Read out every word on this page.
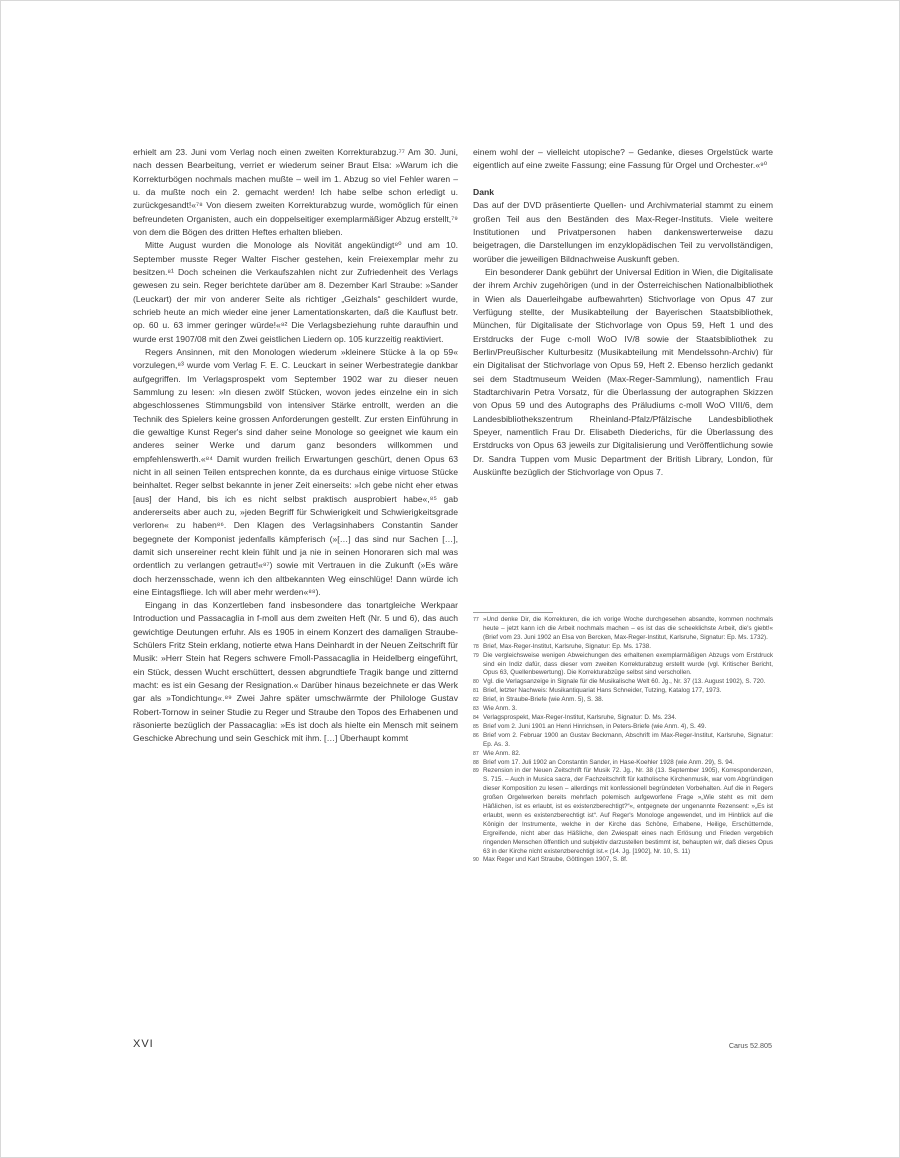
erhielt am 23. Juni vom Verlag noch einen zweiten Korrekturabzug.⁷⁷ Am 30. Juni, nach dessen Bearbeitung, verriet er wiederum seiner Braut Elsa: »Warum ich die Korrekturbögen nochmals machen mußte – weil im 1. Abzug so viel Fehler waren – u. da mußte noch ein 2. gemacht werden! Ich habe selbe schon erledigt u. zurückgesandt!«⁷⁸ Von diesem zweiten Korrekturabzug wurde, womöglich für einen befreundeten Organisten, auch ein doppelseitiger exemplarmäßiger Abzug erstellt,⁷⁹ von dem die Bögen des dritten Heftes erhalten blieben.

Mitte August wurden die Monologe als Novität angekündigt⁸⁰ und am 10. September musste Reger Walter Fischer gestehen, kein Freiexemplar mehr zu besitzen.⁸¹ Doch scheinen die Verkaufszahlen nicht zur Zufriedenheit des Verlags gewesen zu sein. Reger berichtete darüber am 8. Dezember Karl Straube: »Sander (Leuckart) der mir von anderer Seite als richtiger „Geizhals“ geschildert wurde, schrieb heute an mich wieder eine jener Lamentationskarten, daß die Kauflust betr. op. 60 u. 63 immer geringer würde!«⁸² Die Verlagsbeziehung ruhte daraufhin und wurde erst 1907/08 mit den Zwei geistlichen Liedern op. 105 kurzzeitig reaktiviert.

Regers Ansinnen, mit den Monologen wiederum »kleinere Stücke à la op 59« vorzulegen,⁸³ wurde vom Verlag F. E. C. Leuckart in seiner Werbestrategie dankbar aufgegriffen. Im Verlagsprospekt vom September 1902 war zu dieser neuen Sammlung zu lesen: »In diesen zwölf Stücken, wovon jedes einzelne ein in sich abgeschlossenes Stimmungsbild von intensiver Stärke entrollt, werden an die Technik des Spielers keine grossen Anforderungen gestellt. Zur ersten Einführung in die gewaltige Kunst Reger's sind daher seine Monologe so geeignet wie kaum ein anderes seiner Werke und darum ganz besonders willkommen und empfehlenswerth.«⁸⁴ Damit wurden freilich Erwartungen geschürt, denen Opus 63 nicht in all seinen Teilen entsprechen konnte, da es durchaus einige virtuose Stücke beinhaltet. Reger selbst bekannte in jener Zeit einerseits: »Ich gebe nicht eher etwas [aus] der Hand, bis ich es nicht selbst praktisch ausprobiert habe«,⁸⁵ gab andererseits aber auch zu, »jeden Begriff für Schwierigkeit und Schwierigkeitsgrade verloren« zu haben⁸⁶. Den Klagen des Verlagsinhabers Constantin Sander begegnete der Komponist jedenfalls kämpferisch (»[…] das sind nur Sachen […], damit sich unsereiner recht klein fühlt und ja nie in seinen Honoraren sich mal was ordentlich zu verlangen getraut!«⁸⁷) sowie mit Vertrauen in die Zukunft (»Es wäre doch herzensschade, wenn ich den altbekannten Weg einschlüge! Dann würde ich eine Eintagsfliege. Ich will aber mehr werden«⁸⁸).

Eingang in das Konzertleben fand insbesondere das tonartgleiche Werkpaar Introduction und Passacaglia in f-moll aus dem zweiten Heft (Nr. 5 und 6), das auch gewichtige Deutungen erfuhr. Als es 1905 in einem Konzert des damaligen Straube-Schülers Fritz Stein erklang, notierte etwa Hans Deinhardt in der Neuen Zeitschrift für Musik: »Herr Stein hat Regers schwere Fmoll-Passacaglia in Heidelberg eingeführt, ein Stück, dessen Wucht erschüttert, dessen abgrundtiefe Tragik bange und zitternd macht: es ist ein Gesang der Resignation.« Darüber hinaus bezeichnete er das Werk gar als »Tondichtung«.⁸⁹ Zwei Jahre später umschwärmte der Philologe Gustav Robert-Tornow in seiner Studie zu Reger und Straube den Topos des Erhabenen und räsonierte bezüglich der Passacaglia: »Es ist doch als hielte ein Mensch mit seinem Geschicke Abrechung und sein Geschick mit ihm. […] Überhaupt kommt

einem wohl der – vielleicht utopische? – Gedanke, dieses Orgelstück warte eigentlich auf eine zweite Fassung; eine Fassung für Orgel und Orchester.«⁹⁰

Dank

Das auf der DVD präsentierte Quellen- und Archivmaterial stammt zu einem großen Teil aus den Beständen des Max-Reger-Instituts. Viele weitere Institutionen und Privatpersonen haben dankenswerterweise dazu beigetragen, die Darstellungen im enzyklopädischen Teil zu vervollständigen, worüber die jeweiligen Bildnachweise Auskunft geben.

Ein besonderer Dank gebührt der Universal Edition in Wien, die Digitalisate der ihrem Archiv zugehörigen (und in der Österreichischen Nationalbibliothek in Wien als Dauerleihgabe aufbewahrten) Stichvorlage von Opus 47 zur Verfügung stellte, der Musikabteilung der Bayerischen Staatsbibliothek, München, für Digitalisate der Stichvorlage von Opus 59, Heft 1 und des Erstdrucks der Fuge c-moll WoO IV/8 sowie der Staatsbibliothek zu Berlin/Preußischer Kulturbesitz (Musikabteilung mit Mendelssohn-Archiv) für ein Digitalisat der Stichvorlage von Opus 59, Heft 2. Ebenso herzlich gedankt sei dem Stadtmuseum Weiden (Max-Reger-Sammlung), namentlich Frau Stadtarchivarin Petra Vorsatz, für die Überlassung der autographen Skizzen von Opus 59 und des Autographs des Präludiums c-moll WoO VIII/6, dem Landesbibliothekszentrum Rheinland-Pfalz/Pfälzische Landesbibliothek Speyer, namentlich Frau Dr. Elisabeth Diederichs, für die Überlassung des Erstdrucks von Opus 63 jeweils zur Digitalisierung und Veröffentlichung sowie Dr. Sandra Tuppen vom Music Department der British Library, London, für Auskünfte bezüglich der Stichvorlage von Opus 7.

77 »Und denke Dir, die Korrekturen, die ich vorige Woche durchgesehen absandte, kommen nochmals heute – jetzt kann ich die Arbeit nochmals machen – es ist das die scheeklichste Arbeit, die's giebt!« (Brief vom 23. Juni 1902 an Elsa von Bercken, Max-Reger-Institut, Karlsruhe, Signatur: Ep. Ms. 1732).

78 Brief, Max-Reger-Institut, Karlsruhe, Signatur: Ep. Ms. 1738.

79 Die vergleichsweise wenigen Abweichungen des erhaltenen exemplarmäßigen Abzugs vom Erstdruck sind ein Indiz dafür, dass dieser vom zweiten Korrekturabzug erstellt wurde (vgl. Kritischer Bericht, Opus 63, Quellenbewertung). Die Korrekturabzüge selbst sind verschollen.

80 Vgl. die Verlagsanzeige in Signale für die Musikalische Welt 60. Jg., Nr. 37 (13. August 1902), S. 720.

81 Brief, letzter Nachweis: Musikantiquariat Hans Schneider, Tutzing, Katalog 177, 1973.

82 Brief, in Straube-Briefe (wie Anm. 5), S. 38.

83 Wie Anm. 3.

84 Verlagsprospekt, Max-Reger-Institut, Karlsruhe, Signatur: D. Ms. 234.

85 Brief vom 2. Juni 1901 an Henri Hinrichsen, in Peters-Briefe (wie Anm. 4), S. 49.

86 Brief vom 2. Februar 1900 an Gustav Beckmann, Abschrift im Max-Reger-Institut, Karlsruhe, Signatur: Ep. As. 3.

87 Wie Anm. 82.

88 Brief vom 17. Juli 1902 an Constantin Sander, in Hase-Koehler 1928 (wie Anm. 29), S. 94.

89 Rezension in der Neuen Zeitschrift für Musik 72. Jg., Nr. 38 (13. September 1905), Korrespondenzen, S. 715. – Auch in Musica sacra, der Fachzeitschrift für katholische Kirchenmusik, war vom Abgründigen dieser Komposition zu lesen – allerdings mit konfessionell begründeten Vorbehalten. Auf die in Regers großen Orgelwerken bereits mehrfach polemisch aufgeworfene Frage »„Wie steht es mit dem Häßlichen, ist es erlaubt, ist es existenzberechtigt?“«, entgegnete der ungenannte Rezensent: »„Es ist erlaubt, wenn es existenzberechtigt ist“. Auf Reger's Monologe angewendet, und im Hinblick auf die Königin der Instrumente, welche in der Kirche das Schöne, Erhabene, Heilige, Erschütternde, Ergreifende, nicht aber das Häßliche, den Zwiespalt eines nach Erlösung und Frieden vergeblich ringenden Menschen öffentlich und subjektiv darzustellen bestimmt ist, behaupten wir, daß dieses Opus 63 in der Kirche nicht existenzberechtigt ist.« (14. Jg. [1902], Nr. 10, S. 11)

90 Max Reger und Karl Straube, Göttingen 1907, S. 8f.

XVI	Carus 52.805
